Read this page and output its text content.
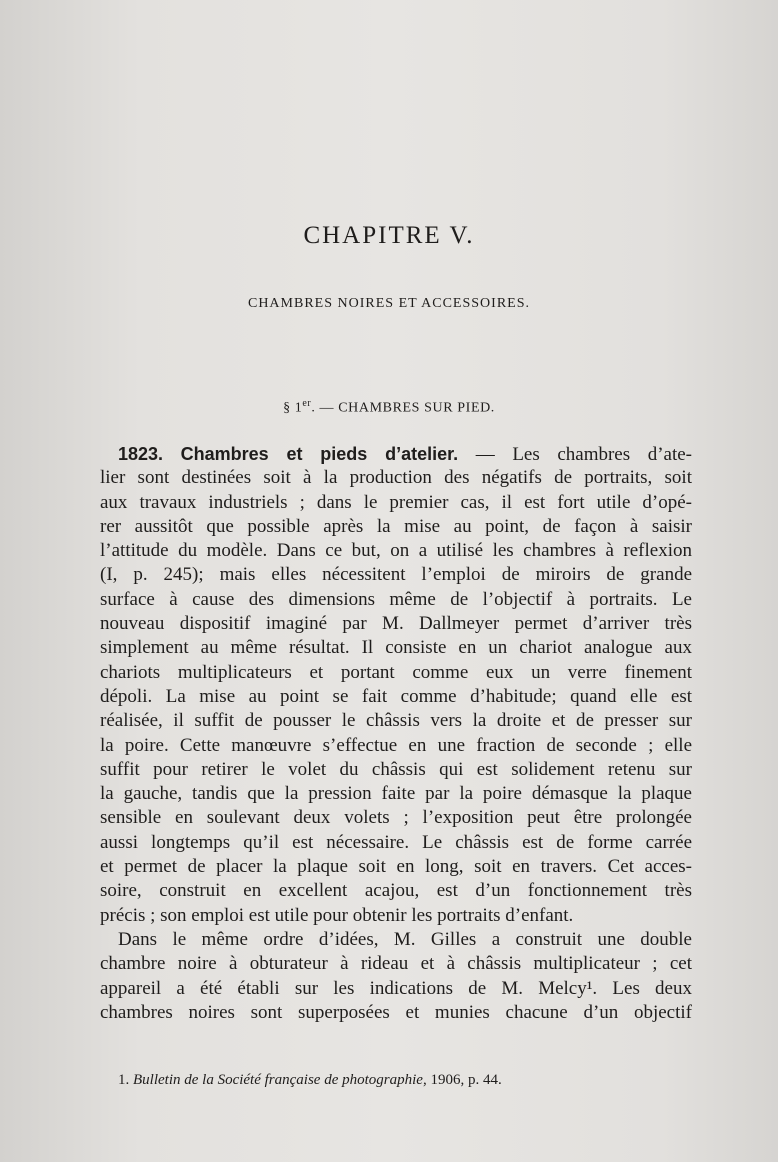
CHAPITRE V.
CHAMBRES NOIRES ET ACCESSOIRES.
§ 1er. — CHAMBRES SUR PIED.
1823. Chambres et pieds d’atelier. — Les chambres d’ate-
lier sont destinées soit à la production des négatifs de portraits, soit
aux travaux industriels ; dans le premier cas, il est fort utile d’opé-
rer aussitôt que possible après la mise au point, de façon à saisir
l’attitude du modèle. Dans ce but, on a utilisé les chambres à reflexion
(I, p. 245); mais elles nécessitent l’emploi de miroirs de grande
surface à cause des dimensions même de l’objectif à portraits. Le
nouveau dispositif imaginé par M. Dallmeyer permet d’arriver très
simplement au même résultat. Il consiste en un chariot analogue aux
chariots multiplicateurs et portant comme eux un verre finement
dépoli. La mise au point se fait comme d’habitude; quand elle est
réalisée, il suffit de pousser le châssis vers la droite et de presser sur
la poire. Cette manœuvre s’effectue en une fraction de seconde ; elle
suffit pour retirer le volet du châssis qui est solidement retenu sur
la gauche, tandis que la pression faite par la poire démasque la plaque
sensible en soulevant deux volets ; l’exposition peut être prolongée
aussi longtemps qu’il est nécessaire. Le châssis est de forme carrée
et permet de placer la plaque soit en long, soit en travers. Cet acces-
soire, construit en excellent acajou, est d’un fonctionnement très
précis ; son emploi est utile pour obtenir les portraits d’enfant.
Dans le même ordre d’idées, M. Gilles a construit une double
chambre noire à obturateur à rideau et à châssis multiplicateur ; cet
appareil a été établi sur les indications de M. Melcy¹. Les deux
chambres noires sont superposées et munies chacune d’un objectif
1. Bulletin de la Société française de photographie, 1906, p. 44.
